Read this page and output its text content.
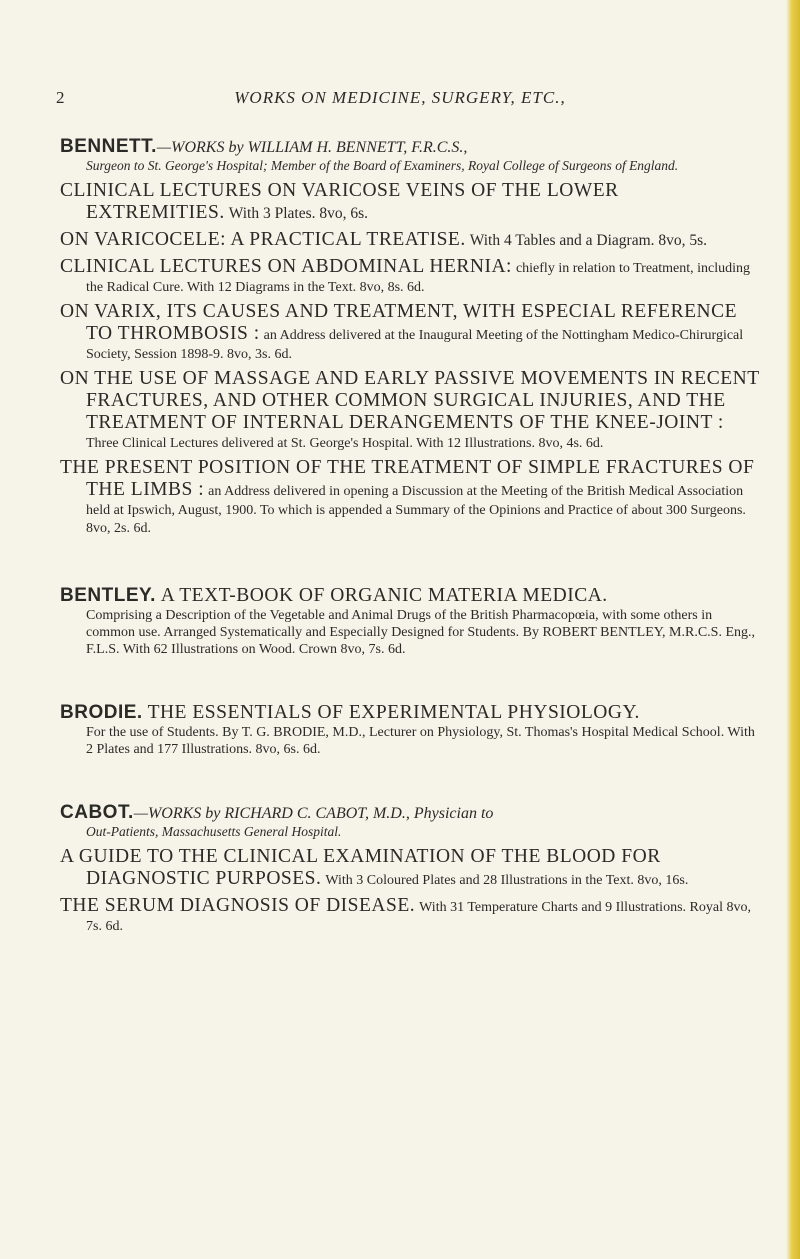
2	WORKS ON MEDICINE, SURGERY, ETC.,
BENNETT.—WORKS by WILLIAM H. BENNETT, F.R.C.S.,
Surgeon to St. George's Hospital; Member of the Board of Examiners, Royal College of Surgeons of England.
CLINICAL LECTURES ON VARICOSE VEINS OF THE LOWER EXTREMITIES. With 3 Plates. 8vo, 6s.
ON VARICOCELE: A PRACTICAL TREATISE. With 4 Tables and a Diagram. 8vo, 5s.
CLINICAL LECTURES ON ABDOMINAL HERNIA: chiefly in relation to Treatment, including the Radical Cure. With 12 Diagrams in the Text. 8vo, 8s. 6d.
ON VARIX, ITS CAUSES AND TREATMENT, WITH ESPECIAL REFERENCE TO THROMBOSIS : an Address delivered at the Inaugural Meeting of the Nottingham Medico-Chirurgical Society, Session 1898-9. 8vo, 3s. 6d.
ON THE USE OF MASSAGE AND EARLY PASSIVE MOVEMENTS IN RECENT FRACTURES, AND OTHER COMMON SURGICAL INJURIES, AND THE TREATMENT OF INTERNAL DERANGEMENTS OF THE KNEE-JOINT : Three Clinical Lectures delivered at St. George's Hospital. With 12 Illustrations. 8vo, 4s. 6d.
THE PRESENT POSITION OF THE TREATMENT OF SIMPLE FRACTURES OF THE LIMBS : an Address delivered in opening a Discussion at the Meeting of the British Medical Association held at Ipswich, August, 1900. To which is appended a Summary of the Opinions and Practice of about 300 Surgeons. 8vo, 2s. 6d.
BENTLEY. A TEXT-BOOK OF ORGANIC MATERIA MEDICA.
Comprising a Description of the Vegetable and Animal Drugs of the British Pharmacopœia, with some others in common use. Arranged Systematically and Especially Designed for Students. By ROBERT BENTLEY, M.R.C.S. Eng., F.L.S. With 62 Illustrations on Wood. Crown 8vo, 7s. 6d.
BRODIE. THE ESSENTIALS OF EXPERIMENTAL PHYSIOLOGY.
For the use of Students. By T. G. BRODIE, M.D., Lecturer on Physiology, St. Thomas's Hospital Medical School. With 2 Plates and 177 Illustrations. 8vo, 6s. 6d.
CABOT.—WORKS by RICHARD C. CABOT, M.D., Physician to
Out-Patients, Massachusetts General Hospital.
A GUIDE TO THE CLINICAL EXAMINATION OF THE BLOOD FOR DIAGNOSTIC PURPOSES. With 3 Coloured Plates and 28 Illustrations in the Text. 8vo, 16s.
THE SERUM DIAGNOSIS OF DISEASE. With 31 Temperature Charts and 9 Illustrations. Royal 8vo, 7s. 6d.
